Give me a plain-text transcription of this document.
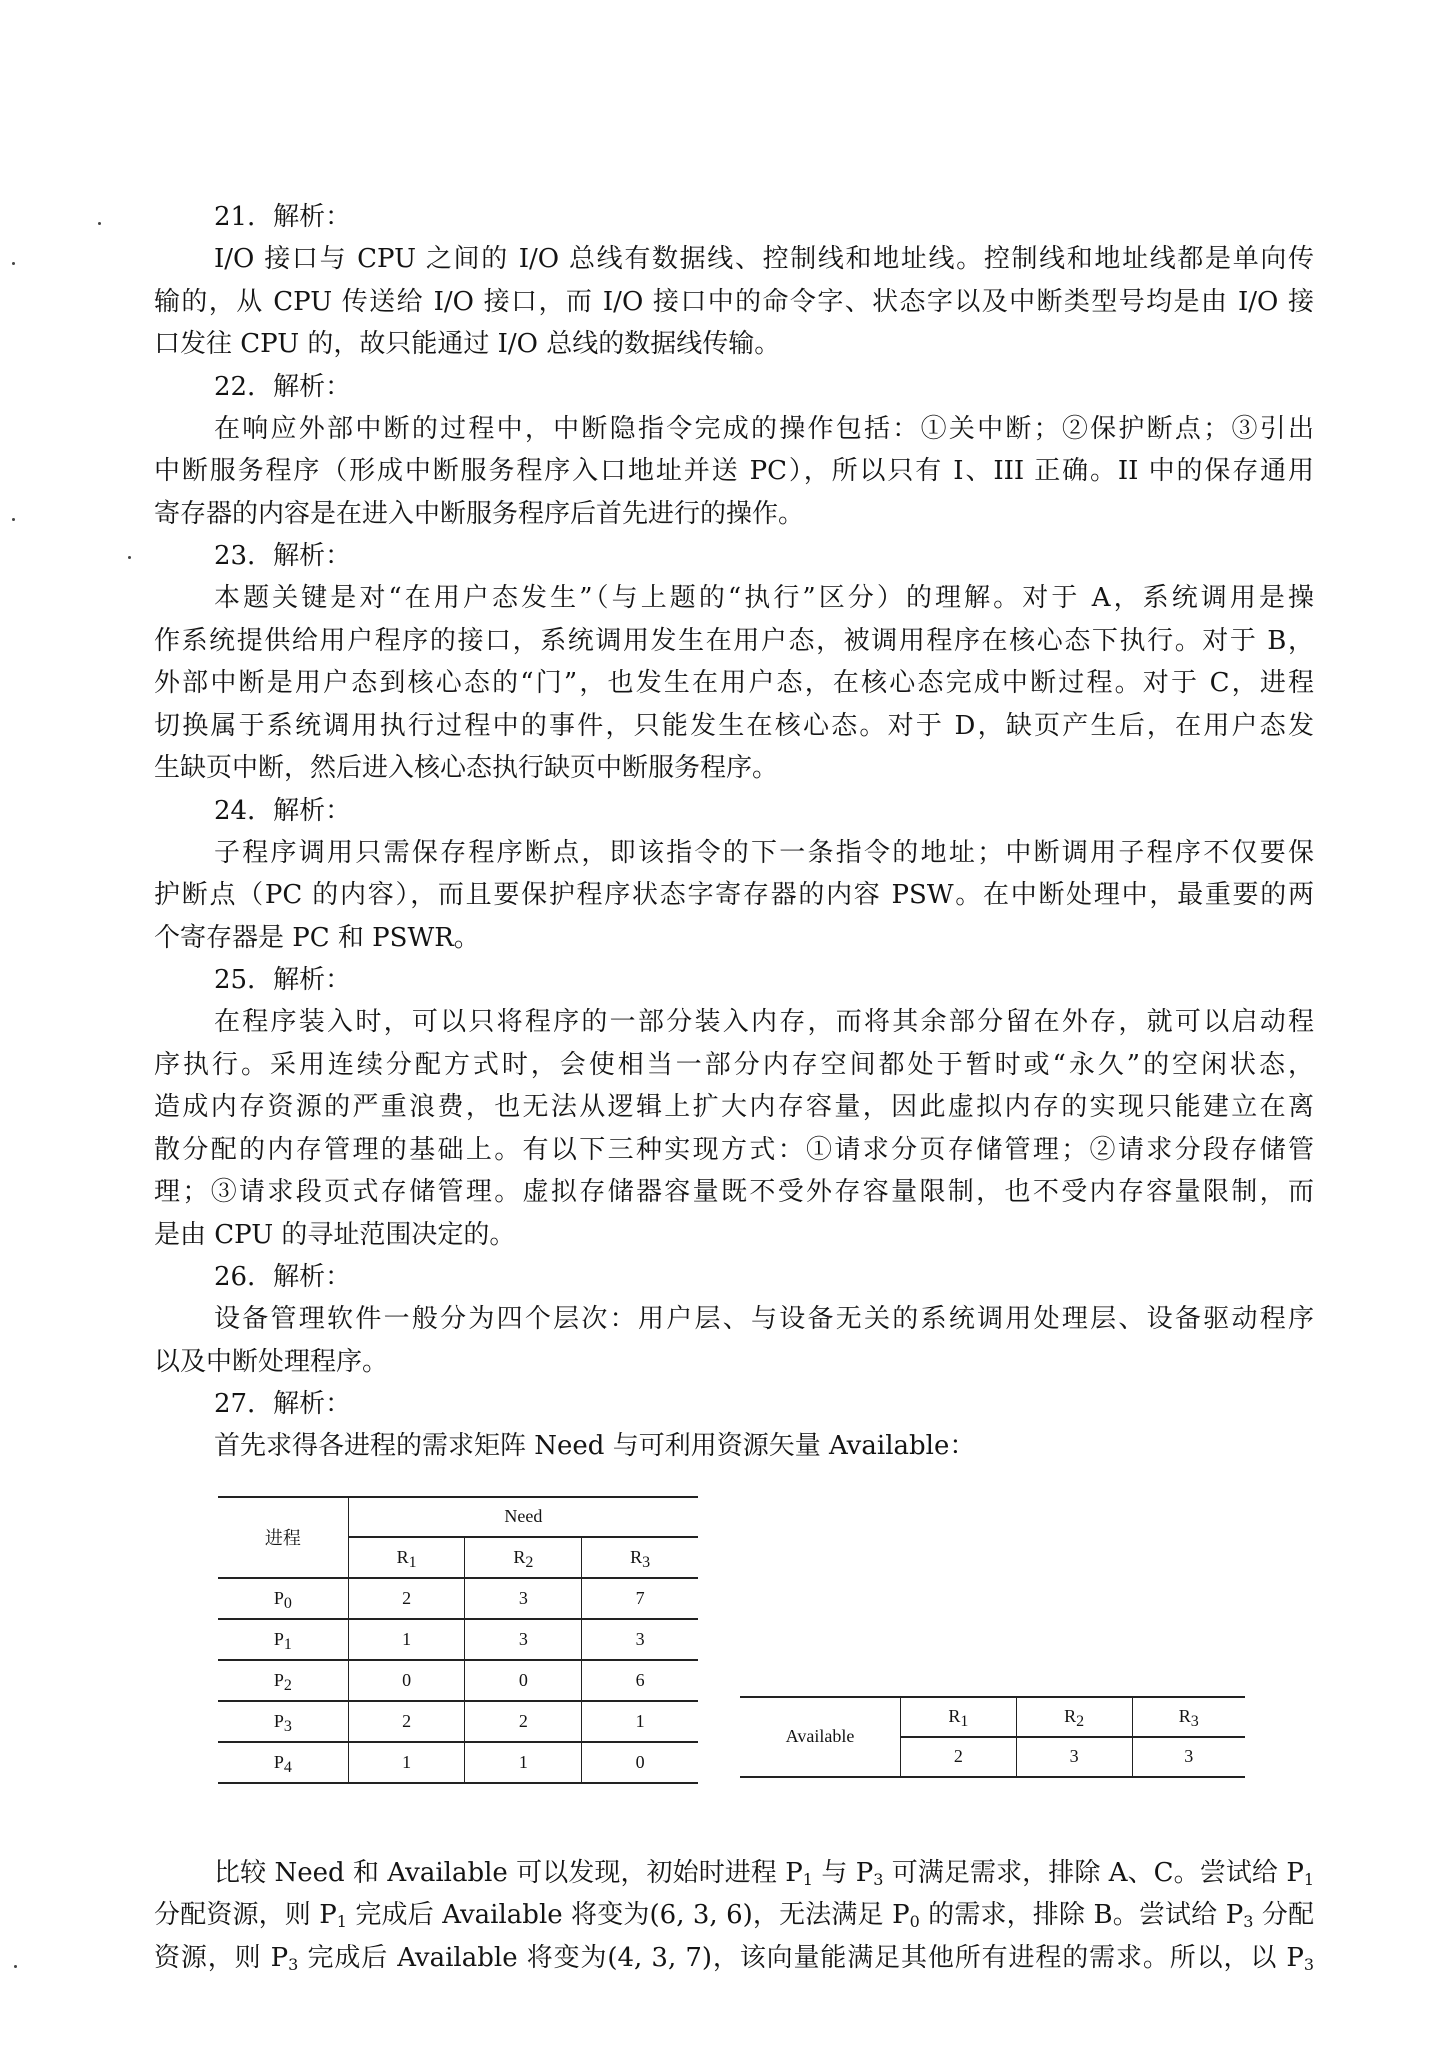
21．解析：
I/O 接口与 CPU 之间的 I/O 总线有数据线、控制线和地址线。控制线和地址线都是单向传
输的，从 CPU 传送给 I/O 接口，而 I/O 接口中的命令字、状态字以及中断类型号均是由 I/O 接
口发往 CPU 的，故只能通过 I/O 总线的数据线传输。
22．解析：
在响应外部中断的过程中，中断隐指令完成的操作包括：①关中断；②保护断点；③引出
中断服务程序（形成中断服务程序入口地址并送 PC），所以只有 I、III 正确。II 中的保存通用
寄存器的内容是在进入中断服务程序后首先进行的操作。
23．解析：
本题关键是对“在用户态发生”（与上题的“执行”区分）的理解。对于 A，系统调用是操
作系统提供给用户程序的接口，系统调用发生在用户态，被调用程序在核心态下执行。对于 B，
外部中断是用户态到核心态的“门”，也发生在用户态，在核心态完成中断过程。对于 C，进程
切换属于系统调用执行过程中的事件，只能发生在核心态。对于 D，缺页产生后，在用户态发
生缺页中断，然后进入核心态执行缺页中断服务程序。
24．解析：
子程序调用只需保存程序断点，即该指令的下一条指令的地址；中断调用子程序不仅要保
护断点（PC 的内容），而且要保护程序状态字寄存器的内容 PSW。在中断处理中，最重要的两
个寄存器是 PC 和 PSWR。
25．解析：
在程序装入时，可以只将程序的一部分装入内存，而将其余部分留在外存，就可以启动程
序执行。采用连续分配方式时，会使相当一部分内存空间都处于暂时或“永久”的空闲状态，
造成内存资源的严重浪费，也无法从逻辑上扩大内存容量，因此虚拟内存的实现只能建立在离
散分配的内存管理的基础上。有以下三种实现方式：①请求分页存储管理；②请求分段存储管
理；③请求段页式存储管理。虚拟存储器容量既不受外存容量限制，也不受内存容量限制，而
是由 CPU 的寻址范围决定的。
26．解析：
设备管理软件一般分为四个层次：用户层、与设备无关的系统调用处理层、设备驱动程序
以及中断处理程序。
27．解析：
首先求得各进程的需求矩阵 Need 与可利用资源矢量 Available：
进程	Need		
	$R_1$	$R_2$	$R_3$
$P_0$	2	3	7
$P_1$	1	3	3
$P_2$	0	0	6
$P_3$	2	2	1
$P_4$	1	1	0
Available	$R_1$	$R_2$	$R_3$
	2	3	3
比较 Need 和 Available 可以发现，初始时进程 $P_1$ 与 $P_3$ 可满足需求，排除 A、C。尝试给 $P_1$
分配资源，则 $P_1$ 完成后 Available 将变为(6, 3, 6)，无法满足 $P_0$ 的需求，排除 B。尝试给 $P_3$ 分配
资源，则 $P_3$ 完成后 Available 将变为(4, 3, 7)，该向量能满足其他所有进程的需求。所以，以 $P_3$
